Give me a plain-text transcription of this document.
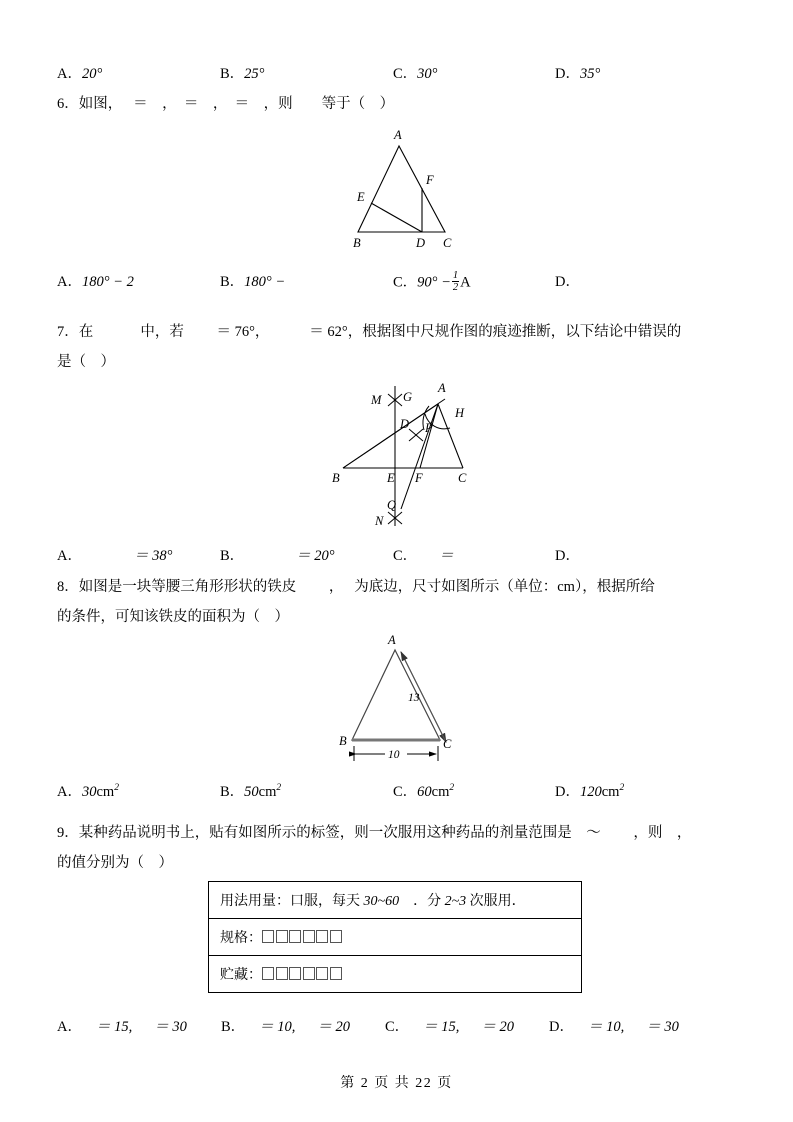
A．20°

	B．25°

	C．30°

	D．35°

6．如图，　 ＝　，　＝　，　＝　，则　　等于（　）
A
F
E
B	D C

A．180° − 2

	B．180° −

	C．$90^\circ - \frac{1}{2}$ A

	D．

7．在　　　 中，若　　 ＝ 76°，　　　 ＝ 62°，根据图中尺规作图的痕迹推断，以下结论中错误的
是（　）
M G
A
H
D P
B	E F	C
Q
N

A．	＝ 38°

	B．	＝ 20°

	C． ＝

	D．

8．如图是一块等腰三角形形状的铁皮　　 ，　 为底边，尺寸如图所示（单位：cm），根据所给
的条件，可知该铁皮的面积为（　）
13
10
A
B	C

A．$30cm^2$

	B．$50cm^2$

	C．$60cm^2$

	D．$120cm^2$

9．某种药品说明书上，贴有如图所示的标签，则一次服用这种药品的剂量范围是　～　 　，则　，
的值分别为（　）
用法用量：口服，每天 30~60　．分 2~3 次服用．
规格：
贮藏：

A． ＝ 15, ＝ 30

B． ＝ 10, ＝ 20

C． ＝ 15, ＝ 20

D． ＝ 10, ＝ 30

第 2 页 共 22 页
